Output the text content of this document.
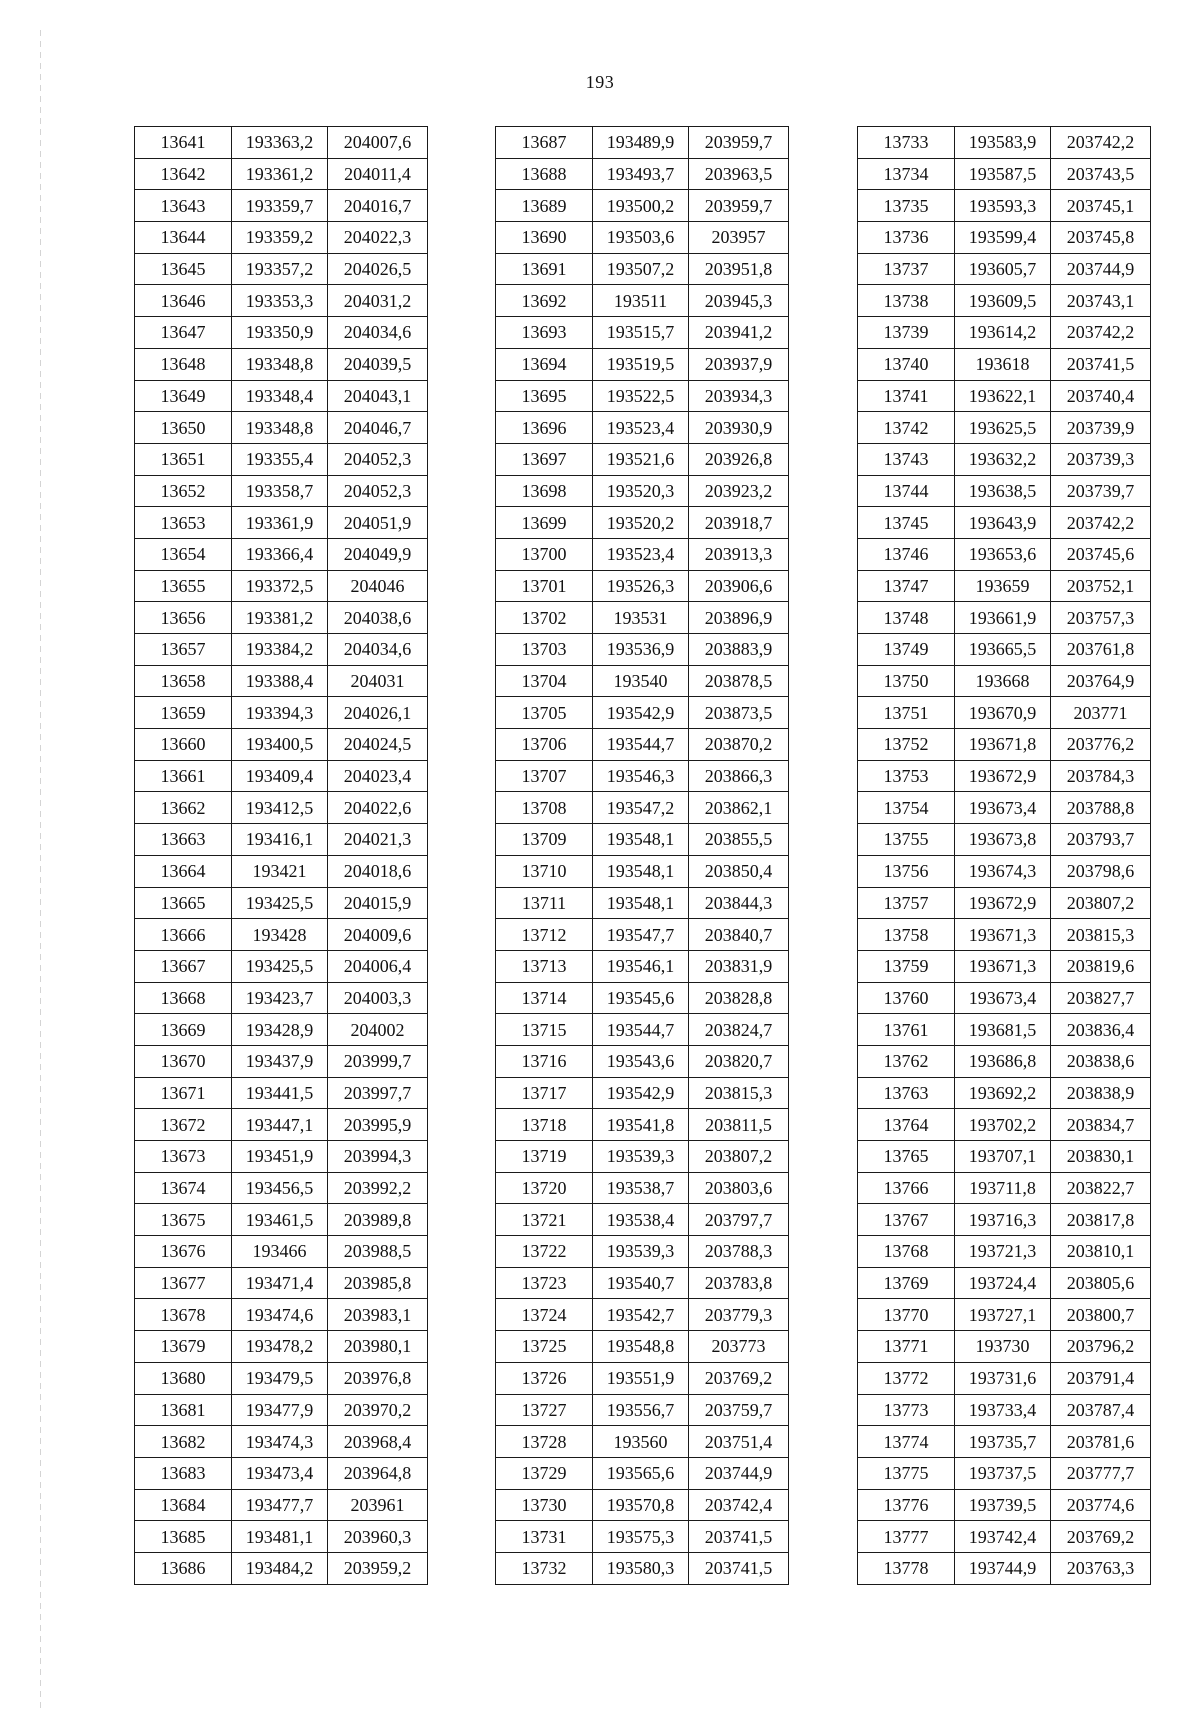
193
13641	193363,2	204007,6
13642	193361,2	204011,4
13643	193359,7	204016,7
13644	193359,2	204022,3
13645	193357,2	204026,5
13646	193353,3	204031,2
13647	193350,9	204034,6
13648	193348,8	204039,5
13649	193348,4	204043,1
13650	193348,8	204046,7
13651	193355,4	204052,3
13652	193358,7	204052,3
13653	193361,9	204051,9
13654	193366,4	204049,9
13655	193372,5	204046
13656	193381,2	204038,6
13657	193384,2	204034,6
13658	193388,4	204031
13659	193394,3	204026,1
13660	193400,5	204024,5
13661	193409,4	204023,4
13662	193412,5	204022,6
13663	193416,1	204021,3
13664	193421	204018,6
13665	193425,5	204015,9
13666	193428	204009,6
13667	193425,5	204006,4
13668	193423,7	204003,3
13669	193428,9	204002
13670	193437,9	203999,7
13671	193441,5	203997,7
13672	193447,1	203995,9
13673	193451,9	203994,3
13674	193456,5	203992,2
13675	193461,5	203989,8
13676	193466	203988,5
13677	193471,4	203985,8
13678	193474,6	203983,1
13679	193478,2	203980,1
13680	193479,5	203976,8
13681	193477,9	203970,2
13682	193474,3	203968,4
13683	193473,4	203964,8
13684	193477,7	203961
13685	193481,1	203960,3
13686	193484,2	203959,2
13687	193489,9	203959,7
13688	193493,7	203963,5
13689	193500,2	203959,7
13690	193503,6	203957
13691	193507,2	203951,8
13692	193511	203945,3
13693	193515,7	203941,2
13694	193519,5	203937,9
13695	193522,5	203934,3
13696	193523,4	203930,9
13697	193521,6	203926,8
13698	193520,3	203923,2
13699	193520,2	203918,7
13700	193523,4	203913,3
13701	193526,3	203906,6
13702	193531	203896,9
13703	193536,9	203883,9
13704	193540	203878,5
13705	193542,9	203873,5
13706	193544,7	203870,2
13707	193546,3	203866,3
13708	193547,2	203862,1
13709	193548,1	203855,5
13710	193548,1	203850,4
13711	193548,1	203844,3
13712	193547,7	203840,7
13713	193546,1	203831,9
13714	193545,6	203828,8
13715	193544,7	203824,7
13716	193543,6	203820,7
13717	193542,9	203815,3
13718	193541,8	203811,5
13719	193539,3	203807,2
13720	193538,7	203803,6
13721	193538,4	203797,7
13722	193539,3	203788,3
13723	193540,7	203783,8
13724	193542,7	203779,3
13725	193548,8	203773
13726	193551,9	203769,2
13727	193556,7	203759,7
13728	193560	203751,4
13729	193565,6	203744,9
13730	193570,8	203742,4
13731	193575,3	203741,5
13732	193580,3	203741,5
13733	193583,9	203742,2
13734	193587,5	203743,5
13735	193593,3	203745,1
13736	193599,4	203745,8
13737	193605,7	203744,9
13738	193609,5	203743,1
13739	193614,2	203742,2
13740	193618	203741,5
13741	193622,1	203740,4
13742	193625,5	203739,9
13743	193632,2	203739,3
13744	193638,5	203739,7
13745	193643,9	203742,2
13746	193653,6	203745,6
13747	193659	203752,1
13748	193661,9	203757,3
13749	193665,5	203761,8
13750	193668	203764,9
13751	193670,9	203771
13752	193671,8	203776,2
13753	193672,9	203784,3
13754	193673,4	203788,8
13755	193673,8	203793,7
13756	193674,3	203798,6
13757	193672,9	203807,2
13758	193671,3	203815,3
13759	193671,3	203819,6
13760	193673,4	203827,7
13761	193681,5	203836,4
13762	193686,8	203838,6
13763	193692,2	203838,9
13764	193702,2	203834,7
13765	193707,1	203830,1
13766	193711,8	203822,7
13767	193716,3	203817,8
13768	193721,3	203810,1
13769	193724,4	203805,6
13770	193727,1	203800,7
13771	193730	203796,2
13772	193731,6	203791,4
13773	193733,4	203787,4
13774	193735,7	203781,6
13775	193737,5	203777,7
13776	193739,5	203774,6
13777	193742,4	203769,2
13778	193744,9	203763,3
